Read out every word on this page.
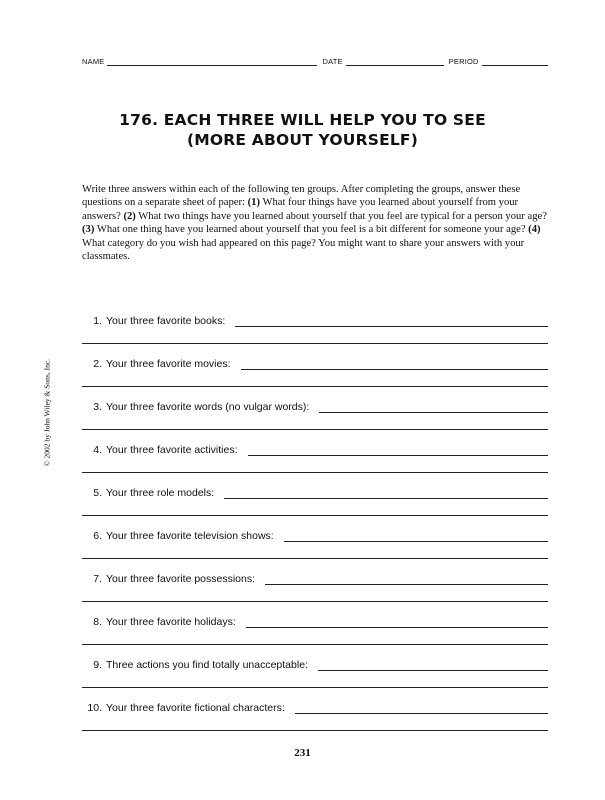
NAME	DATE	PERIOD
176. EACH THREE WILL HELP YOU TO SEE
(MORE ABOUT YOURSELF)
Write three answers within each of the following ten groups. After completing the groups, answer these questions on a separate sheet of paper: (1) What four things have you learned about yourself from your answers? (2) What two things have you learned about yourself that you feel are typical for a person your age? (3) What one thing have you learned about yourself that you feel is a bit different for someone your age? (4) What category do you wish had appeared on this page? You might want to share your answers with your classmates.
© 2002 by John Wiley & Sons, Inc.
1. Your three favorite books:
2. Your three favorite movies:
3. Your three favorite words (no vulgar words):
4. Your three favorite activities:
5. Your three role models:
6. Your three favorite television shows:
7. Your three favorite possessions:
8. Your three favorite holidays:
9. Three actions you find totally unacceptable:
10. Your three favorite fictional characters:
231
